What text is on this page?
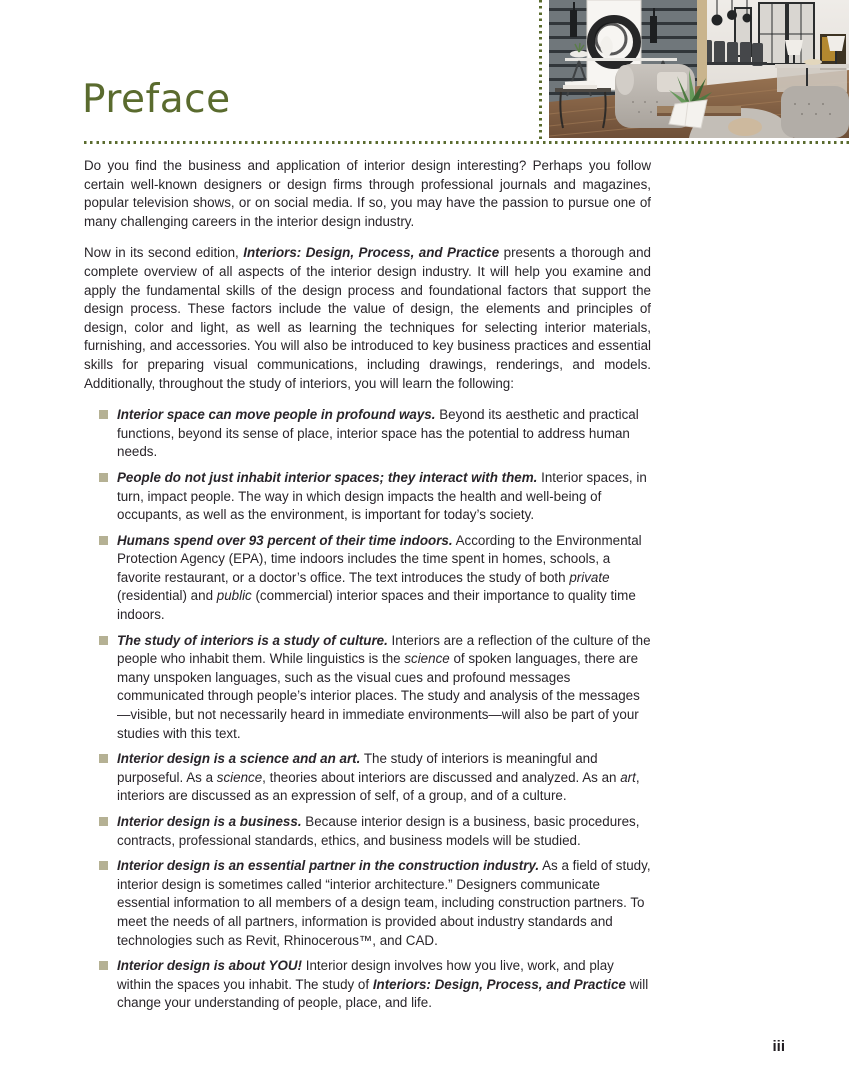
Preface

Do you find the business and application of interior design interesting? Perhaps you follow certain well-known designers or design firms through professional journals and magazines, popular television shows, or on social media. If so, you may have the passion to pursue one of many challenging careers in the interior design industry.

Now in its second edition, Interiors: Design, Process, and Practice presents a thorough and complete overview of all aspects of the interior design industry. It will help you examine and apply the fundamental skills of the design process and foundational factors that support the design process. These factors include the value of design, the elements and principles of design, color and light, as well as learning the techniques for selecting interior materials, furnishing, and accessories. You will also be introduced to key business practices and essential skills for preparing visual communications, including drawings, renderings, and models. Additionally, throughout the study of interiors, you will learn the following:

Interior space can move people in profound ways. Beyond its aesthetic and practical functions, beyond its sense of place, interior space has the potential to address human needs.
People do not just inhabit interior spaces; they interact with them. Interior spaces, in turn, impact people. The way in which design impacts the health and well-being of occupants, as well as the environment, is important for today’s society.
Humans spend over 93 percent of their time indoors. According to the Environmental Protection Agency (EPA), time indoors includes the time spent in homes, schools, a favorite restaurant, or a doctor’s office. The text introduces the study of both private (residential) and public (commercial) interior spaces and their importance to quality time indoors.
The study of interiors is a study of culture. Interiors are a reflection of the culture of the people who inhabit them. While linguistics is the science of spoken languages, there are many unspoken languages, such as the visual cues and profound messages communicated through people’s interior places. The study and analysis of the messages—visible, but not necessarily heard in immediate environments—will also be part of your studies with this text.
Interior design is a science and an art. The study of interiors is meaningful and purposeful. As a science, theories about interiors are discussed and analyzed. As an art, interiors are discussed as an expression of self, of a group, and of a culture.
Interior design is a business. Because interior design is a business, basic procedures, contracts, professional standards, ethics, and business models will be studied.
Interior design is an essential partner in the construction industry. As a field of study, interior design is sometimes called “interior architecture.” Designers communicate essential information to all members of a design team, including construction partners. To meet the needs of all partners, information is provided about industry standards and technologies such as Revit, Rhinocerous™, and CAD.
Interior design is about YOU! Interior design involves how you live, work, and play within the spaces you inhabit. The study of Interiors: Design, Process, and Practice will change your understanding of people, place, and life.
iii
